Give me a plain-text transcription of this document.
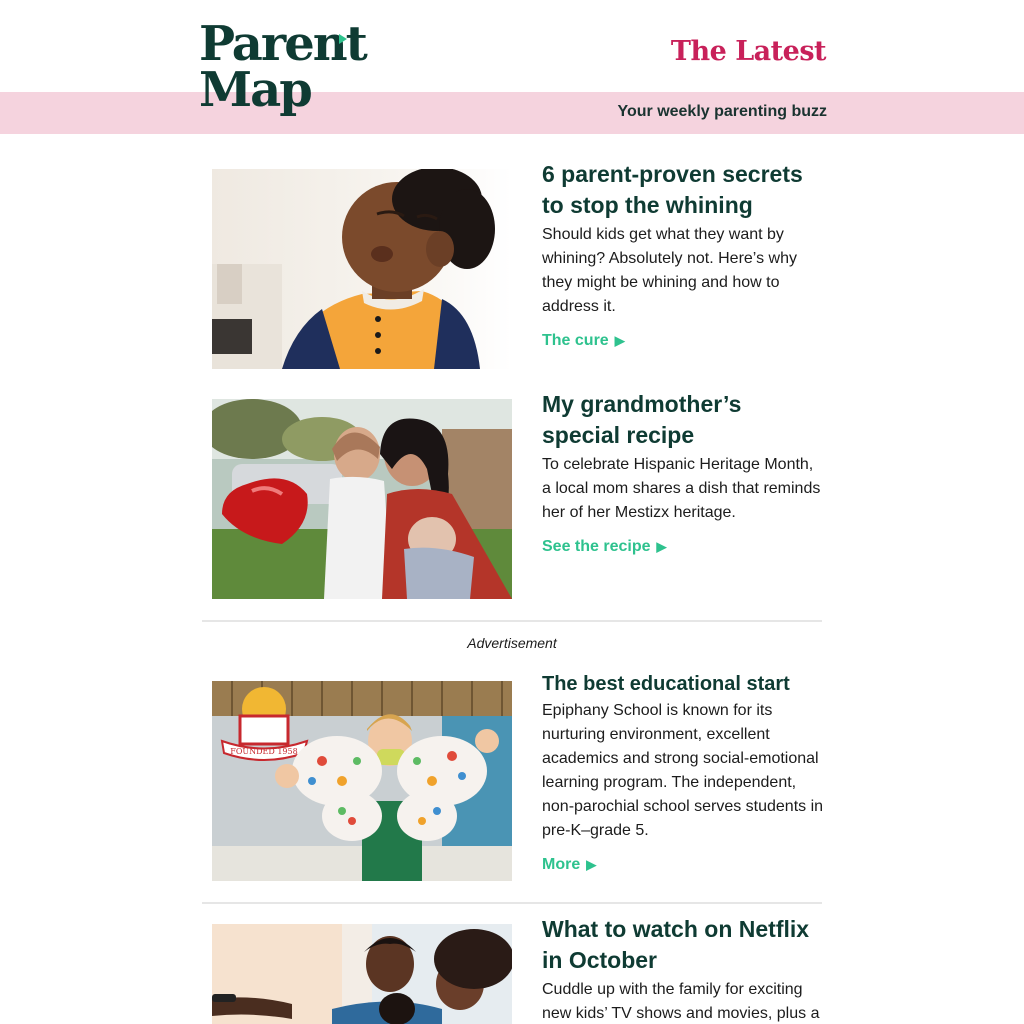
Parent
Map
The Latest
Your weekly parenting buzz
6 parent-proven secrets to stop the whining

Should kids get what they want by whining? Absolutely not. Here’s why they might be whining and how to address it.

The cure ▶
My grandmother’s special recipe

To celebrate Hispanic Heritage Month, a local mom shares a dish that reminds her of her Mestizx heritage.

See the recipe ▶
Advertisement
FOUNDED 1958
The best educational start

Epiphany School is known for its nurturing environment, excellent academics and strong social-emotional learning program. The independent, non-parochial school serves students in pre-K–grade 5.

More ▶
What to watch on Netflix in October

Cuddle up with the family for exciting new kids’ TV shows and movies, plus a
